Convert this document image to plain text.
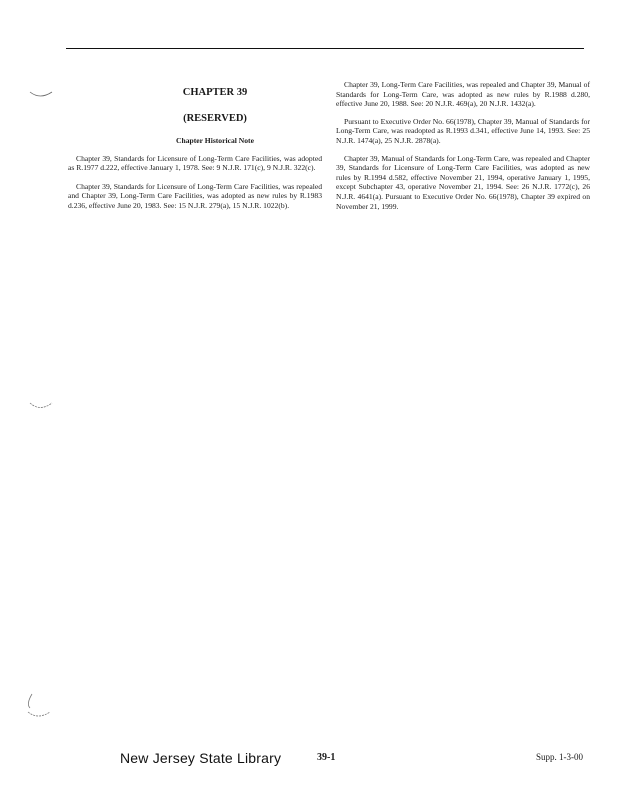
CHAPTER 39
(RESERVED)
Chapter Historical Note

Chapter 39, Standards for Licensure of Long-Term Care Facilities, was adopted as R.1977 d.222, effective January 1, 1978. See: 9 N.J.R. 171(c), 9 N.J.R. 322(c).

Chapter 39, Standards for Licensure of Long-Term Care Facilities, was repealed and Chapter 39, Long-Term Care Facilities, was adopted as new rules by R.1983 d.236, effective June 20, 1983. See: 15 N.J.R. 279(a), 15 N.J.R. 1022(b).

Chapter 39, Long-Term Care Facilities, was repealed and Chapter 39, Manual of Standards for Long-Term Care, was adopted as new rules by R.1988 d.280, effective June 20, 1988. See: 20 N.J.R. 469(a), 20 N.J.R. 1432(a).

Pursuant to Executive Order No. 66(1978), Chapter 39, Manual of Standards for Long-Term Care, was readopted as R.1993 d.341, effective June 14, 1993. See: 25 N.J.R. 1474(a), 25 N.J.R. 2878(a).

Chapter 39, Manual of Standards for Long-Term Care, was repealed and Chapter 39, Standards for Licensure of Long-Term Care Facilities, was adopted as new rules by R.1994 d.582, effective November 21, 1994, operative January 1, 1995, except Subchapter 43, operative November 21, 1994. See: 26 N.J.R. 1772(c), 26 N.J.R. 4641(a). Pursuant to Executive Order No. 66(1978), Chapter 39 expired on November 21, 1999.

New Jersey State Library	39-1	Supp. 1-3-00
